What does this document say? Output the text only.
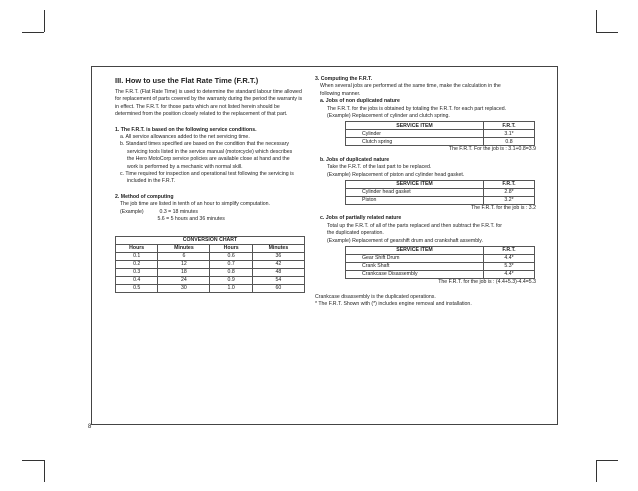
III. How to use the Flat Rate Time (F.R.T.)

The F.R.T. (Flat Rate Time) is used to determine the standard labour time allowed

for replacement of parts covered by the warranty during the period the warranty is

in effect. The F.R.T. for those parts which are not listed herein should be

determined from the position closely related to the replacement of that part.

1. The F.R.T. is based on the following service conditions.

a. All service allowances added to the net servicing time.

b. Standard times specified are based on the condition that the necessary

servicing tools listed in the service manual (motorcycle) which describes

the Hero MotoCorp service policies are available close at hand and the

work is performed by a mechanic with normal skill.

c. Time required for inspection and operational test following the servicing is

included in the F.R.T.

2. Method of computing

The job time are listed in tenth of an hour to simplify computation.

(Example)           0.3 = 18 minutes

5.6 = 5 hours and 36 minutes

CONVERSION CHART			
Hours	Minutes	Hours	Minutes
0.1	6	0.6	36
0.2	12	0.7	42
0.3	18	0.8	48
0.4	24	0.9	54
0.5	30	1.0	60

3. Computing the F.R.T.

When several jobs are performed at the same time, make the calculation in the

following manner.

a. Jobs of non duplicated nature

The F.R.T. for the jobs is obtained by totaling the F.R.T. for each part replaced.

(Example) Replacement of cylinder and clutch spring.

SERVICE ITEM	F.R.T.
Cylinder	3.1*
Clutch spring	0.8

The F.R.T. For the job is : 3.1+0.8=3.9

b. Jobs of duplicated nature

Take the F.R.T. of the last part to be replaced.

(Example) Replacement of piston and cylinder head gasket.

SERVICE ITEM	F.R.T.
Cylinder head gasket	2.8*
Piston	3.2*

The F.R.T. for the job is : 3.2

c. Jobs of partially related nature

Total up the F.R.T. of all of the parts replaced and then subtract the F.R.T. for

the duplicated operation.

(Example) Replacement of gearshift drum and crankshaft assembly.

SERVICE ITEM	F.R.T.
Gear Shift Drum	4.4*
Crank Shaft	5.3*
Crankcase Disassembly	4.4*

The F.R.T. for the job is : (4.4+5.3)-4.4=5.3

Crankcase disassembly is the duplicated operations.

* The F.R.T. Shown with (*) includes engine removal and installation.

8
